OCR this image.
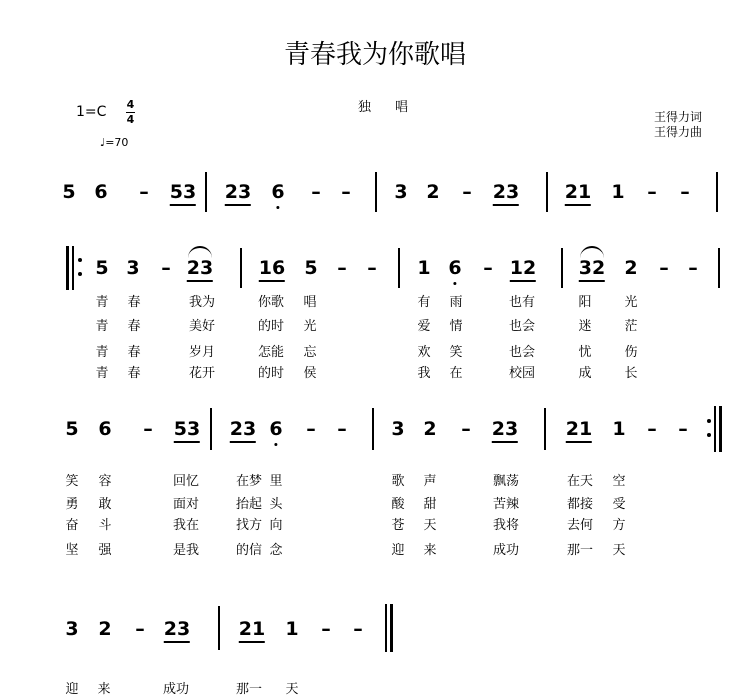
青春我为你歌唱
独唱
1=C 4
4
♩=70
王得力词
王得力曲
5 6 – 53 23 6 – – 3 2 – 23 21 1 – –
5 3 – 23 16 5 – – 1 6 – 12 32 2 – –
青 春	我为	你歌 唱	有 雨	也有	阳	光
青 春	美好	的时 光	爱 情	也会	迷	茫
青 春	岁月	怎能 忘	欢 笑	也会	忧	伤
青 春	花开	的时 侯	我 在	校园	成	长
5 6 – 53 23 6 – – 3 2 – 23	21 1 – –
笑 容	回忆	在梦 里	歌 声	飘荡	在天 空
勇 敢	面对	抬起 头	酸 甜	苦辣	都接 受
奋 斗	我在	找方 向	苍 天	我将	去何 方
坚 强	是我	的信 念	迎 来	成功	那一 天
3 2 – 23	21 1 – –
迎 来	成功	那一 天
